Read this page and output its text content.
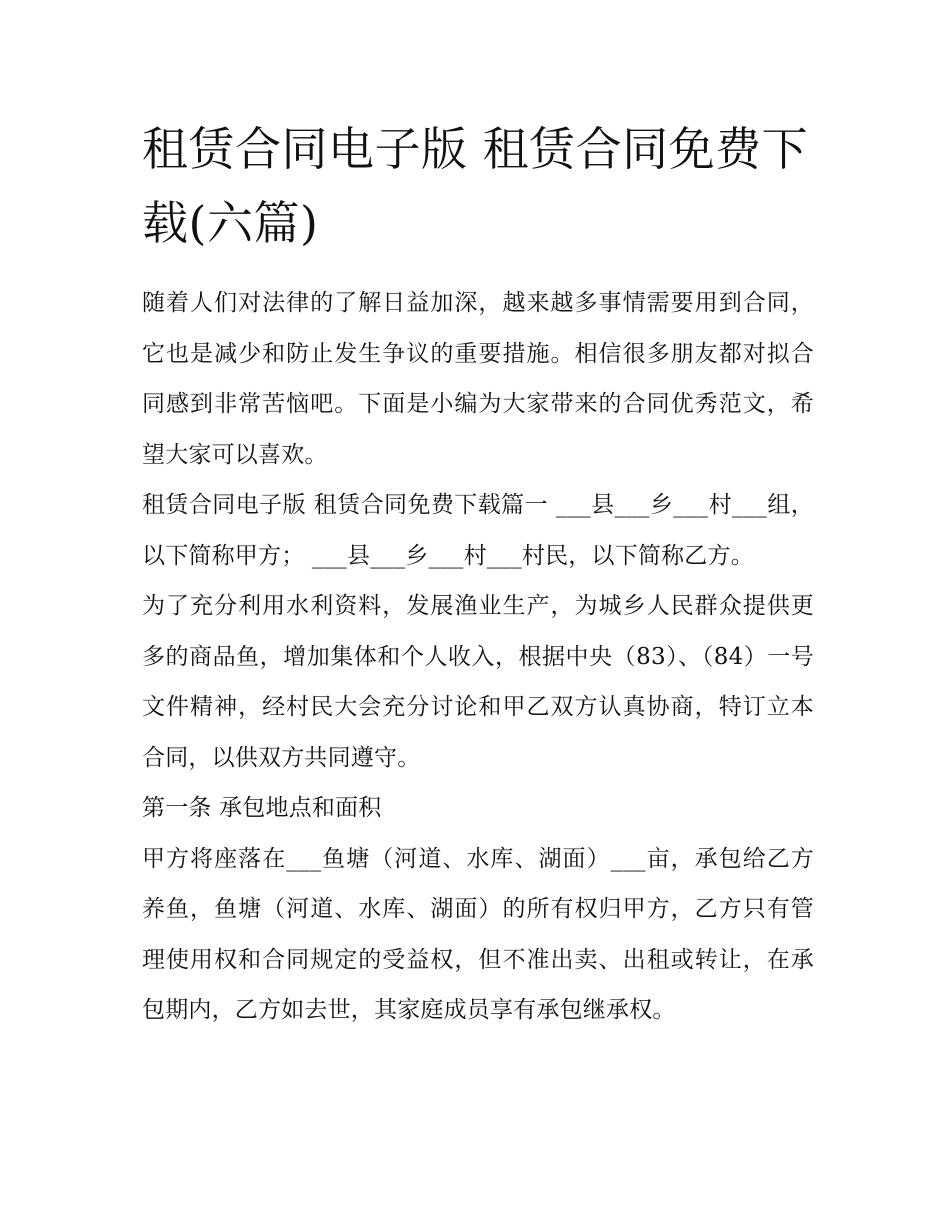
租赁合同电子版 租赁合同免费下载(六篇)

随着人们对法律的了解日益加深，越来越多事情需要用到合同，它也是减少和防止发生争议的重要措施。相信很多朋友都对拟合同感到非常苦恼吧。下面是小编为大家带来的合同优秀范文，希望大家可以喜欢。

租赁合同电子版 租赁合同免费下载篇一 ___县___乡___村___组，以下简称甲方； ___县___乡___村___村民，以下简称乙方。

为了充分利用水利资料，发展渔业生产，为城乡人民群众提供更多的商品鱼，增加集体和个人收入，根据中央（83）、（84）一号文件精神，经村民大会充分讨论和甲乙双方认真协商，特订立本合同，以供双方共同遵守。

第一条 承包地点和面积

甲方将座落在___鱼塘（河道、水库、湖面）___亩，承包给乙方养鱼，鱼塘（河道、水库、湖面）的所有权归甲方，乙方只有管理使用权和合同规定的受益权，但不准出卖、出租或转让，在承包期内，乙方如去世，其家庭成员享有承包继承权。
